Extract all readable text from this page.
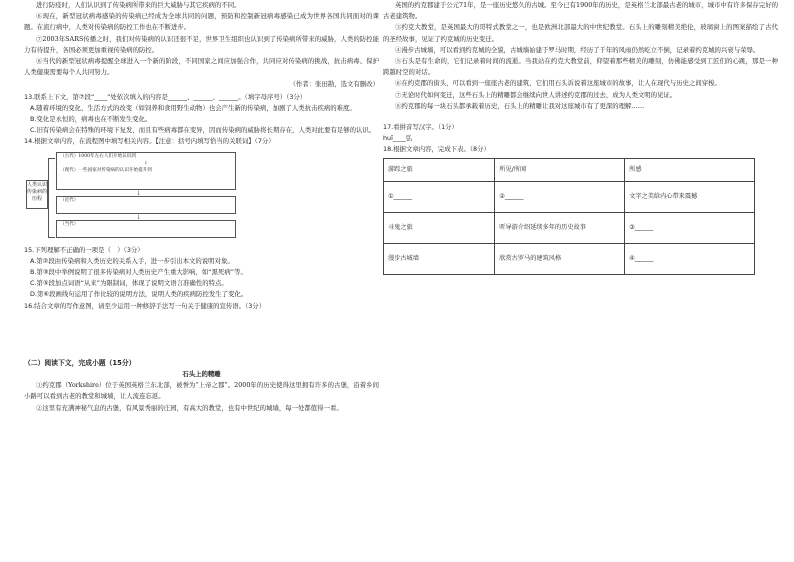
进行防疫时，人们认识到了传染病所带来的巨大威胁与其它疾病的不同。

⑥现在，新型冠状病毒感染的传染病已经成为全球共同的问题，预防和控制新冠病毒感染已成为世界各国共同面对的课题。在流行病中，人类对传染病的防控工作也在不断进步。

⑦2003年SARS传播之时，我们对传染病的认识还很不足，世界卫生组织也认识到了传染病所带来的威胁，人类的防控能力有待提升，各国必须更加重视传染病的防控。

⑧当代的新型冠状病毒提醒全球进入一个新的阶段，不同国家之间应加强合作，共同应对传染病的挑战，抗击病毒、保护人类健康需要每个人共同努力。

（作者：张田勘，选文有删改）

13.联系上下文，第⑦段“____”处依次填入的内容是______、______、______。（填字母序号）（3分）

A.随着环境的变化、生活方式的改变（如饲养和食用野生动物）也会产生新的传染病，加剧了人类抗击疾病的难度。

B.变化是永恒的，病毒也在不断发生变化。

C.旧有传染病会在特殊的环境下复发，而且有些病毒都在变异，因而传染病的威胁将长期存在，人类对此要有足够的认识。

14.根据文章内容，在流程图中填写相关内容。【注意：括号内填写恰当的关联词】（7分）

人类认识传染病的历程
（古代）1000年左右人们开始认识到
↓
（现代）一些国家对传染病的认识开始提升到
↓
（近代）
↓
（当代）

15.下列理解不正确的一项是（　）（3分）

A.第②段由传染病和人类历史的关系入手，进一步引出本文的说明对象。

B.第③段中举例说明了很多传染病对人类历史产生重大影响，如“黑死病”等。

C.第⑤段加点词语“从来”为限制词，体现了说明文语言准确性的特点。

D.第⑥段画线句运用了作比较的说明方法，说明人类的疾病防控发生了变化。

16.结合文章的写作意图，请至少运用一种修辞手法写一句关于健康的宣传语。（3分）

（二）阅读下文，完成小题（15分）

石头上的精雕

①约克郡（Yorkshire）位于英国英格兰东北部，被誉为“上帝之郡”。2000年的历史使得这里拥有许多的古堡，沿着乡间小路可以看到古老的教堂和城墙，让人流连忘返。

②这里有充满神秘气息的古堡，有风景秀丽的庄园，有高大的教堂，也有中世纪的城墙，每一处都值得一看。

英国的约克郡建于公元71年，是一座历史悠久的古城。至今已有1900年的历史，是英格兰北部最古老的城市，城市中有许多保存完好的古老建筑物。

③约克大教堂，是英国最大的哥特式教堂之一，也是欧洲北部最大的中世纪教堂。石头上的雕刻精美绝伦，玻璃窗上的图案描绘了古代的圣经故事，见证了约克城的历史变迁。

④漫步古城墙，可以看到约克城的全貌，古城墙始建于罗马时期，经历了千年的风雨仍然屹立不倒，记录着约克城的兴衰与荣辱。

⑤石头是有生命的，它们记录着时间的流逝。当我站在约克大教堂前，仰望着那些精美的雕刻，仿佛能感受到工匠们的心跳，那是一种跨越时空的对话。

⑥在约克郡的街头，可以看到一座座古老的建筑，它们用石头诉说着这座城市的故事，让人在现代与历史之间穿梭。

⑦无论时代如何变迁，这些石头上的精雕都会继续向世人讲述约克郡的过去，成为人类文明的见证。

⑧约克郡的每一块石头都承载着历史，石头上的精雕让我对这座城市有了更深的理解……

17.看拼音写汉字。（1分）

huī____弘

18.根据文章内容，完成下表。（8分）

游踪之旅	所见/所闻	所感
①______	②______	文字之美给内心带来震撼
寻鬼之旅	听导游介绍延续多年的历史故事	③______
漫步古城墙	欣赏古罗马的建筑风格	④______
